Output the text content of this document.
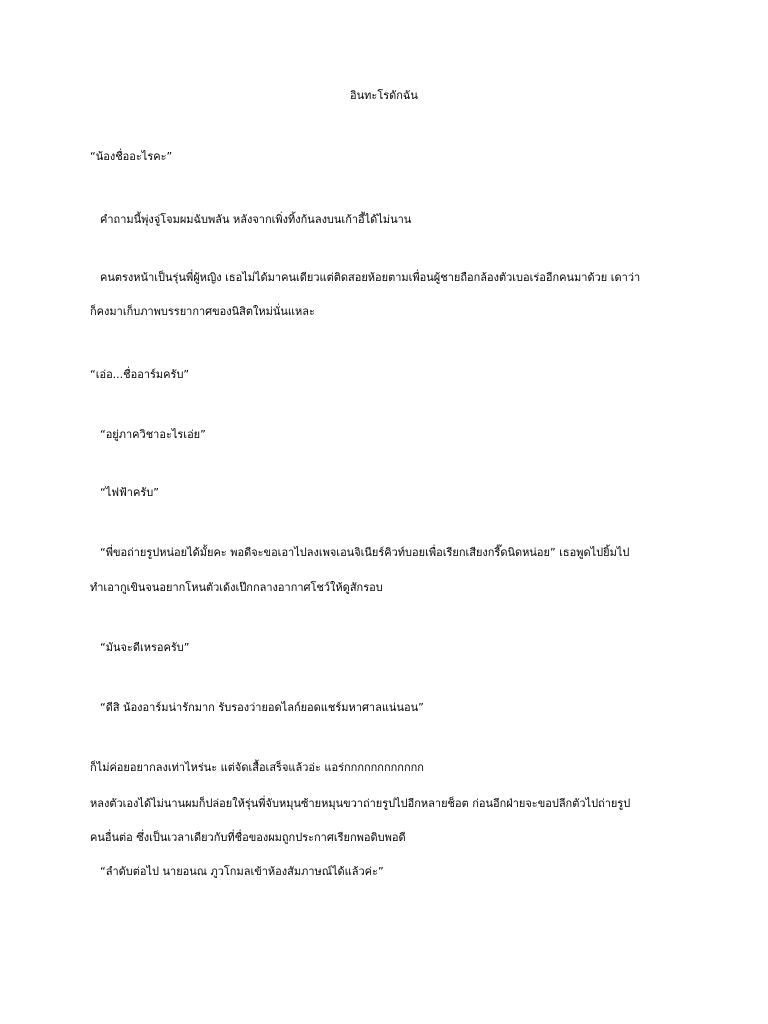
อินทะโรดักฉัน
“น้องชื่ออะไรคะ”
คำถามนี้พุ่งจู่โจมผมฉับพลัน หลังจากเพิ่งทิ้งก้นลงบนเก้าอี้ได้ไม่นาน
คนตรงหน้าเป็นรุ่นพี่ผู้หญิง เธอไม่ได้มาคนเดียวแต่ติดสอยห้อยตามเพื่อนผู้ชายถือกล้องตัวเบอเร่ออีกคนมาด้วย เดาว่า
ก็คงมาเก็บภาพบรรยากาศของนิสิตใหม่นั่นแหละ
“เอ่อ...ชื่ออาร์มครับ”
“อยู่ภาควิชาอะไรเอ่ย”
“ไฟฟ้าครับ”
“พี่ขอถ่ายรูปหน่อยได้มั้ยคะ พอดีจะขอเอาไปลงเพจเอนจิเนียร์คิวท์บอยเพื่อเรียกเสียงกรี๊ดนิดหน่อย” เธอพูดไปยิ้มไป
ทำเอากูเขินจนอยากโหนตัวเด้งเป๊กกลางอากาศโชว์ให้ดูสักรอบ
“มันจะดีเหรอครับ”
“ดีสิ น้องอาร์มน่ารักมาก รับรองว่ายอดไลก์ยอดแชร์มหาศาลแน่นอน”
ก็ไม่ค่อยอยากลงเท่าไหร่นะ แต่จัดเสื้อเสร็จแล้วอ่ะ แอร่กกกกกกกกกกกก
หลงตัวเองได้ไม่นานผมก็ปล่อยให้รุ่นพี่จับหมุนซ้ายหมุนขวาถ่ายรูปไปอีกหลายช็อต ก่อนอีกฝ่ายจะขอปลีกตัวไปถ่ายรูป
คนอื่นต่อ ซึ่งเป็นเวลาเดียวกับที่ชื่อของผมถูกประกาศเรียกพอดิบพอดี
“ลำดับต่อไป นายอนณ ภูวโกมลเข้าห้องสัมภาษณ์ได้แล้วค่ะ”
